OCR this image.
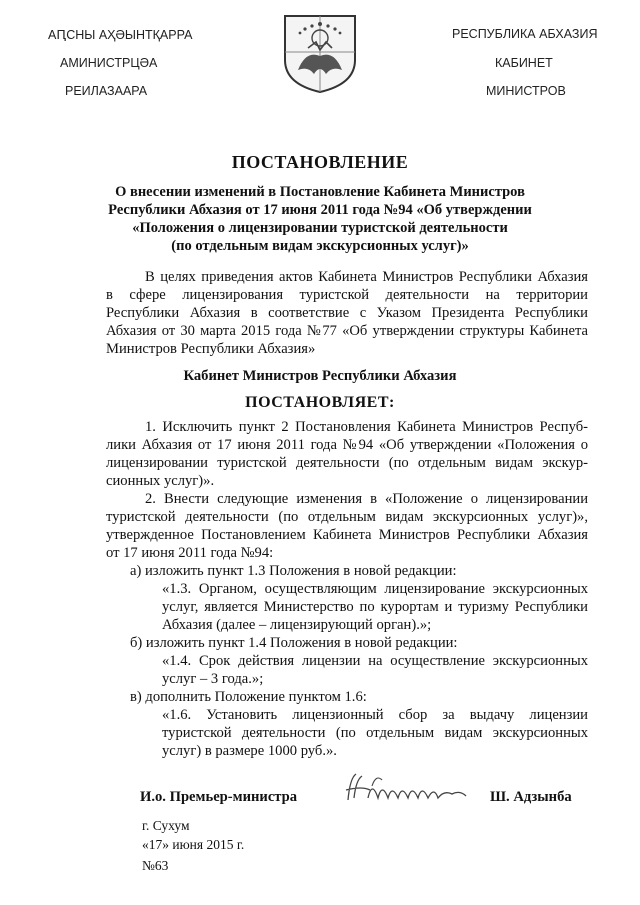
АԤСНЫ АҲӘЫНТҚАРРА
АМИНИСТРЦӘА
РЕИЛАЗААРА
РЕСПУБЛИКА АБХАЗИЯ
КАБИНЕТ
МИНИСТРОВ
ПОСТАНОВЛЕНИЕ
О внесении изменений в Постановление Кабинета Министров
Республики Абхазия от 17 июня 2011 года №94 «Об утверждении
«Положения о лицензировании туристской деятельности
(по отдельным видам экскурсионных услуг)»
В целях приведения актов Кабинета Министров Республики Абхазия
в сфере лицензирования туристской деятельности на территории
Республики Абхазия в соответствие с Указом Президента Республики
Абхазия от 30 марта 2015 года №77 «Об утверждении структуры Кабинета
Министров Республики Абхазия»
Кабинет Министров Республики Абхазия
ПОСТАНОВЛЯЕТ:
1. Исключить пункт 2 Постановления Кабинета Министров Респуб-
лики Абхазия от 17 июня 2011 года №94 «Об утверждении «Положения о
лицензировании туристской деятельности (по отдельным видам экскур-
сионных услуг)».
2. Внести следующие изменения в «Положение о лицензировании
туристской деятельности (по отдельным видам экскурсионных услуг)»,
утвержденное Постановлением Кабинета Министров Республики Абхазия
от 17 июня 2011 года №94:
а) изложить пункт 1.3 Положения в новой редакции:
«1.3. Органом, осуществляющим лицензирование экскурсионных
услуг, является Министерство по курортам и туризму Республики
Абхазия (далее – лицензирующий орган).»;
б) изложить пункт 1.4 Положения в новой редакции:
«1.4. Срок действия лицензии на осуществление экскурсионных
услуг – 3 года.»;
в) дополнить Положение пунктом 1.6:
«1.6. Установить лицензионный сбор за выдачу лицензии
туристской деятельности (по отдельным видам экскурсионных
услуг) в размере 1000 руб.».
И.о. Премьер-министра	Ш. Адзынба
г. Сухум
«17» июня 2015 г.
№63
